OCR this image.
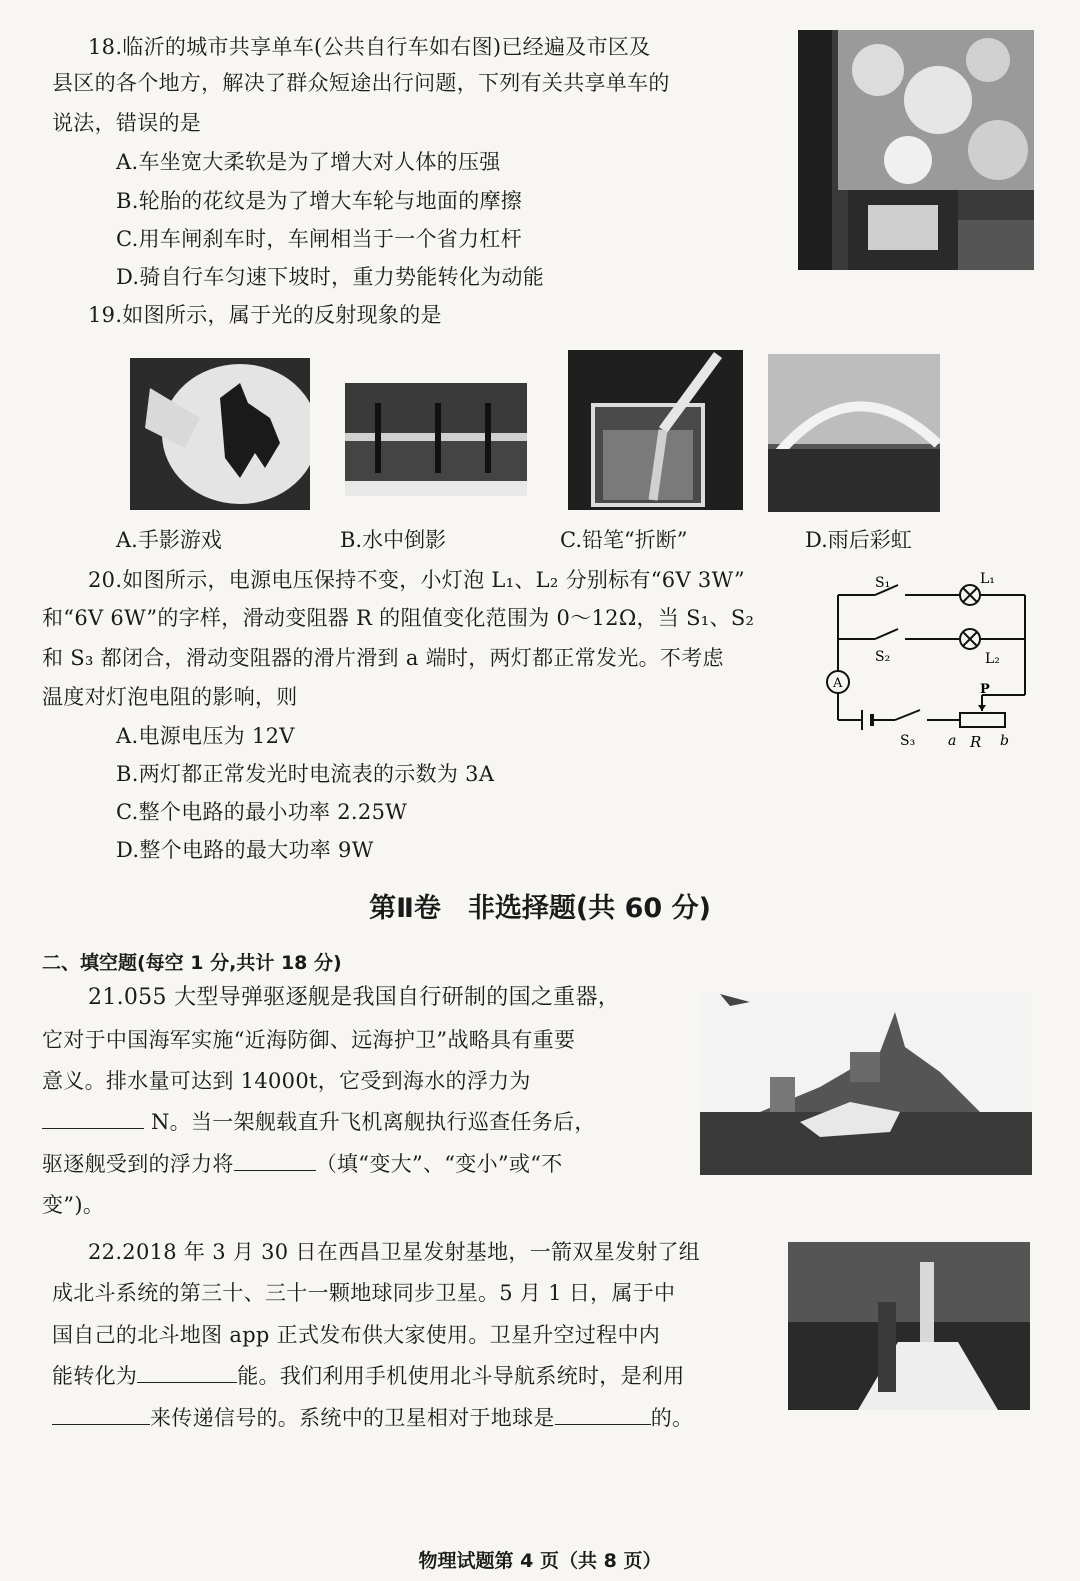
18.临沂的城市共享单车(公共自行车如右图)已经遍及市区及
县区的各个地方，解决了群众短途出行问题，下列有关共享单车的
说法，错误的是
A.车坐宽大柔软是为了增大对人体的压强
B.轮胎的花纹是为了增大车轮与地面的摩擦
C.用车闸刹车时，车闸相当于一个省力杠杆
D.骑自行车匀速下坡时，重力势能转化为动能
19.如图所示，属于光的反射现象的是
A.手影游戏	B.水中倒影	C.铅笔“折断”	D.雨后彩虹
20.如图所示，电源电压保持不变，小灯泡 L₁、L₂ 分别标有“6V 3W”
和“6V 6W”的字样，滑动变阻器 R 的阻值变化范围为 0～12Ω，当 S₁、S₂
和 S₃ 都闭合，滑动变阻器的滑片滑到 a 端时，两灯都正常发光。不考虑
温度对灯泡电阻的影响，则
A.电源电压为 12V
B.两灯都正常发光时电流表的示数为 3A
C.整个电路的最小功率 2.25W
D.整个电路的最大功率 9W
S₁	L₁
S₂	L₂
A	P
S₃ a R b
第Ⅱ卷　非选择题(共 60 分)
二、填空题(每空 1 分,共计 18 分)
21.055 大型导弹驱逐舰是我国自行研制的国之重器，
它对于中国海军实施“近海防御、远海护卫”战略具有重要
意义。排水量可达到 14000t，它受到海水的浮力为
N。当一架舰载直升飞机离舰执行巡查任务后，
驱逐舰受到的浮力将	（填“变大”、“变小”或“不
变”)。
22.2018 年 3 月 30 日在西昌卫星发射基地，一箭双星发射了组
成北斗系统的第三十、三十一颗地球同步卫星。5 月 1 日，属于中
国自己的北斗地图 app 正式发布供大家使用。卫星升空过程中内
能转化为	能。我们利用手机使用北斗导航系统时，是利用
来传递信号的。系统中的卫星相对于地球是	的。
物理试题第 4 页（共 8 页）
